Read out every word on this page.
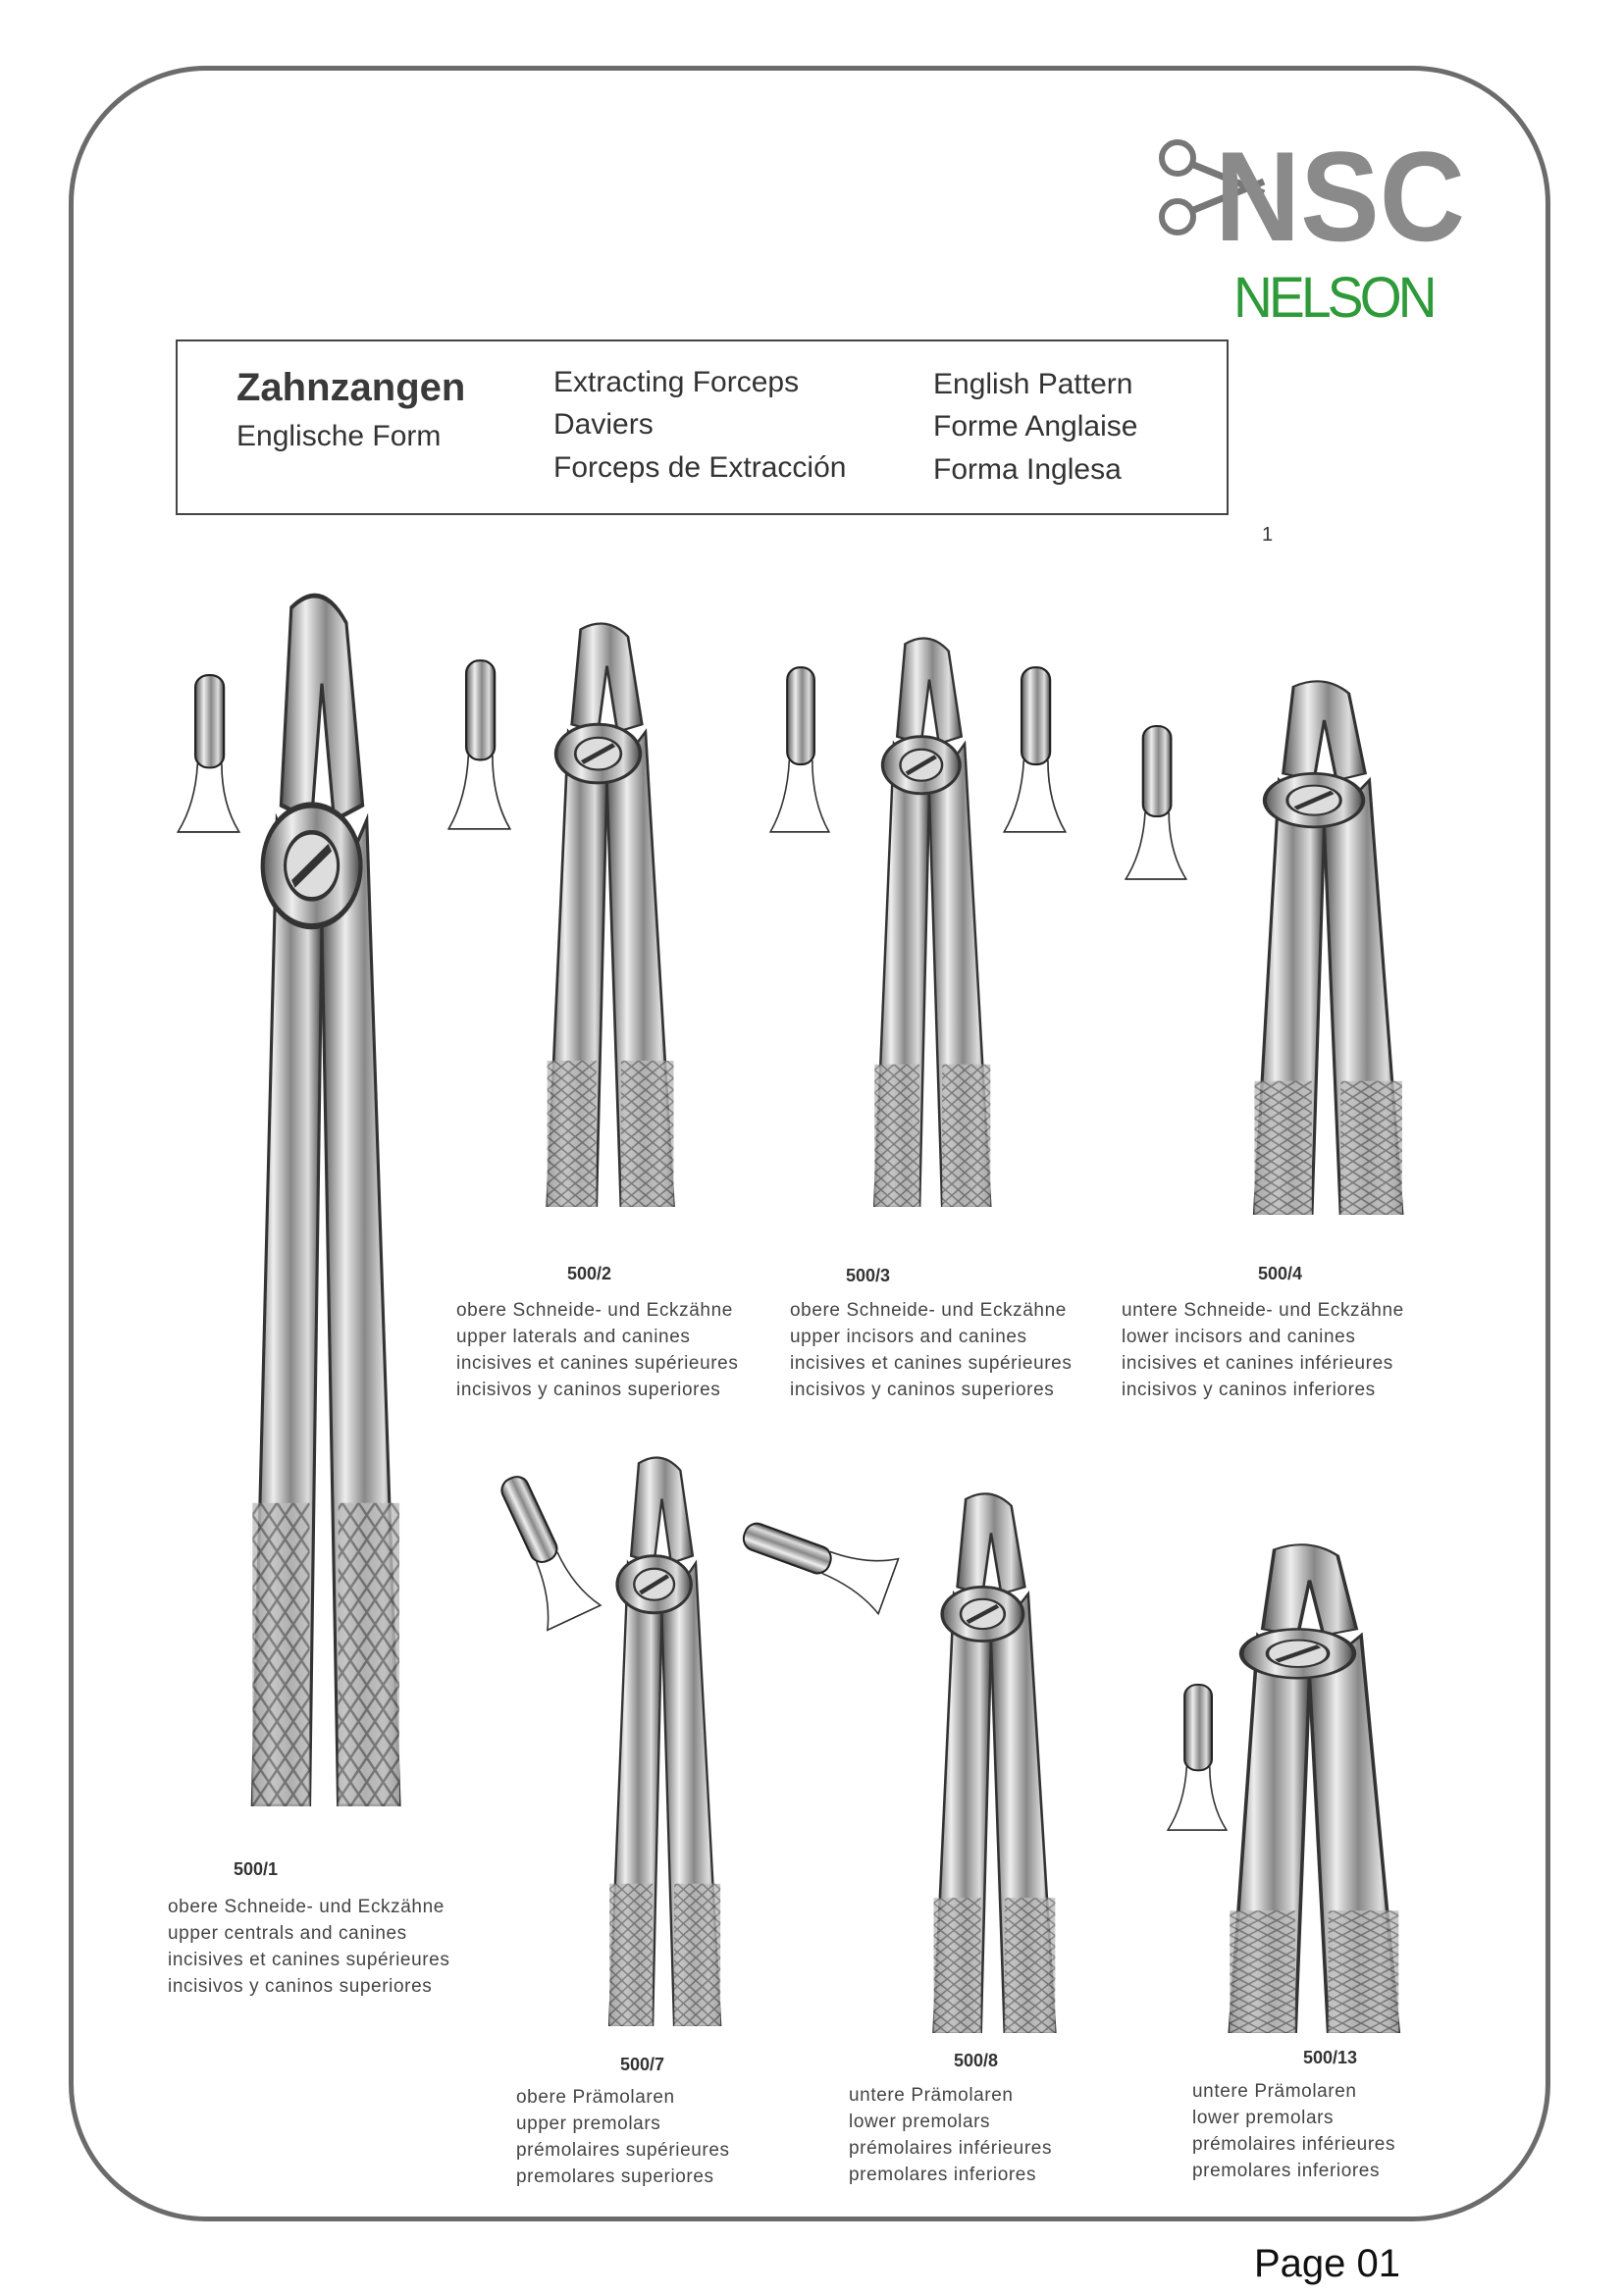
NSC
NELSON
Zahnzangen
Englische Form
Extracting Forceps
Daviers
Forceps de Extracción
English Pattern
Forme Anglaise
Forma Inglesa
1
500/1
obere Schneide- und Eckzähne
upper centrals and canines
incisives et canines supérieures
incisivos y caninos superiores
500/2
obere Schneide- und Eckzähne
upper laterals and canines
incisives et canines supérieures
incisivos y caninos superiores
500/3
obere Schneide- und Eckzähne
upper incisors and canines
incisives et canines supérieures
incisivos y caninos superiores
500/4
untere Schneide- und Eckzähne
lower incisors and canines
incisives et canines inférieures
incisivos y caninos inferiores
500/7
obere Prämolaren
upper premolars
prémolaires supérieures
premolares superiores
500/8
untere Prämolaren
lower premolars
prémolaires inférieures
premolares inferiores
500/13
untere Prämolaren
lower premolars
prémolaires inférieures
premolares inferiores
Page 01
